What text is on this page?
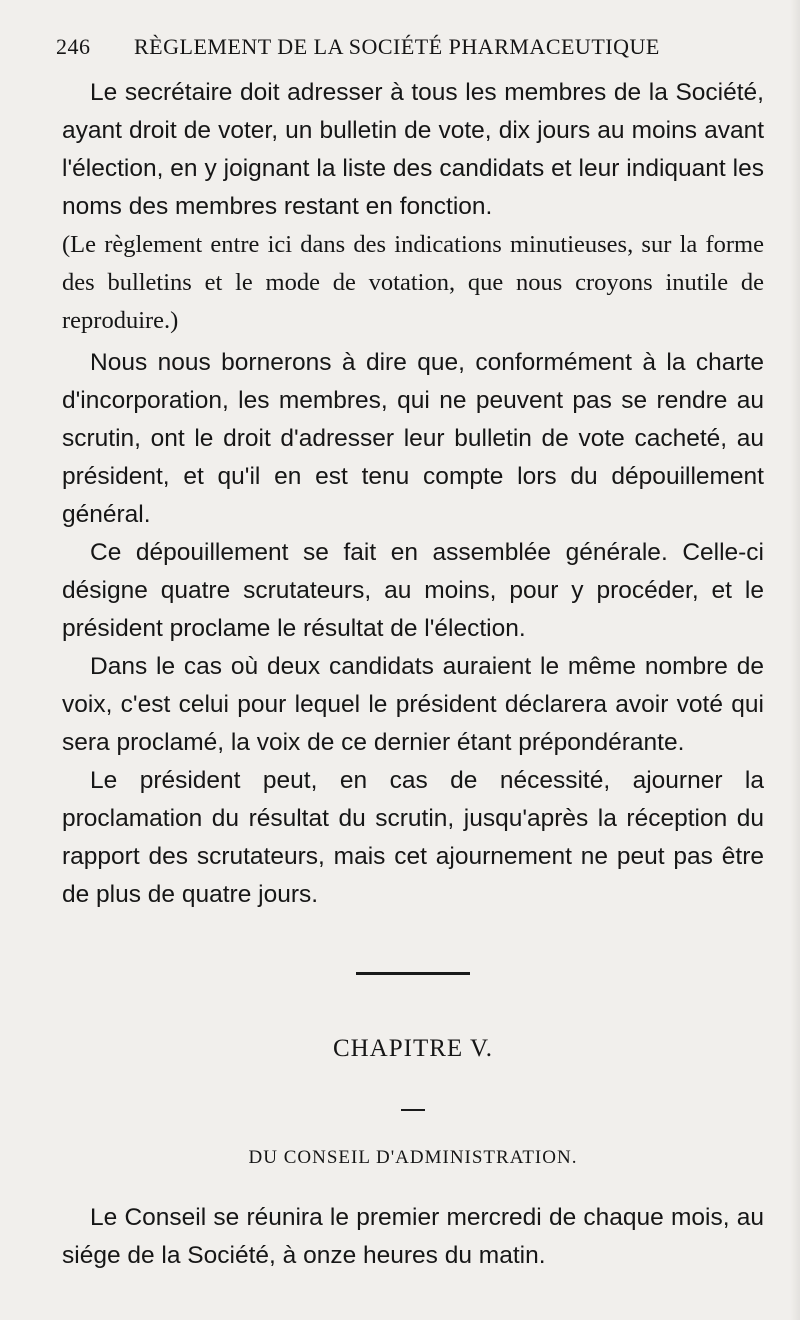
246	RÈGLEMENT DE LA SOCIÉTÉ PHARMACEUTIQUE

Le secrétaire doit adresser à tous les membres de la Société, ayant droit de voter, un bulletin de vote, dix jours au moins avant l'élection, en y joignant la liste des candidats et leur indiquant les noms des membres restant en fonction.

(Le règlement entre ici dans des indications minutieuses, sur la forme des bulletins et le mode de votation, que nous croyons inutile de reproduire.)

Nous nous bornerons à dire que, conformément à la charte d'incorporation, les membres, qui ne peuvent pas se rendre au scrutin, ont le droit d'adresser leur bulletin de vote cacheté, au président, et qu'il en est tenu compte lors du dépouillement général.

Ce dépouillement se fait en assemblée générale. Celle-ci désigne quatre scrutateurs, au moins, pour y procéder, et le président proclame le résultat de l'élection.

Dans le cas où deux candidats auraient le même nombre de voix, c'est celui pour lequel le président déclarera avoir voté qui sera proclamé, la voix de ce dernier étant prépondérante.

Le président peut, en cas de nécessité, ajourner la proclamation du résultat du scrutin, jusqu'après la réception du rapport des scrutateurs, mais cet ajournement ne peut pas être de plus de quatre jours.

CHAPITRE V.
DU CONSEIL D'ADMINISTRATION.

Le Conseil se réunira le premier mercredi de chaque mois, au siége de la Société, à onze heures du matin.
